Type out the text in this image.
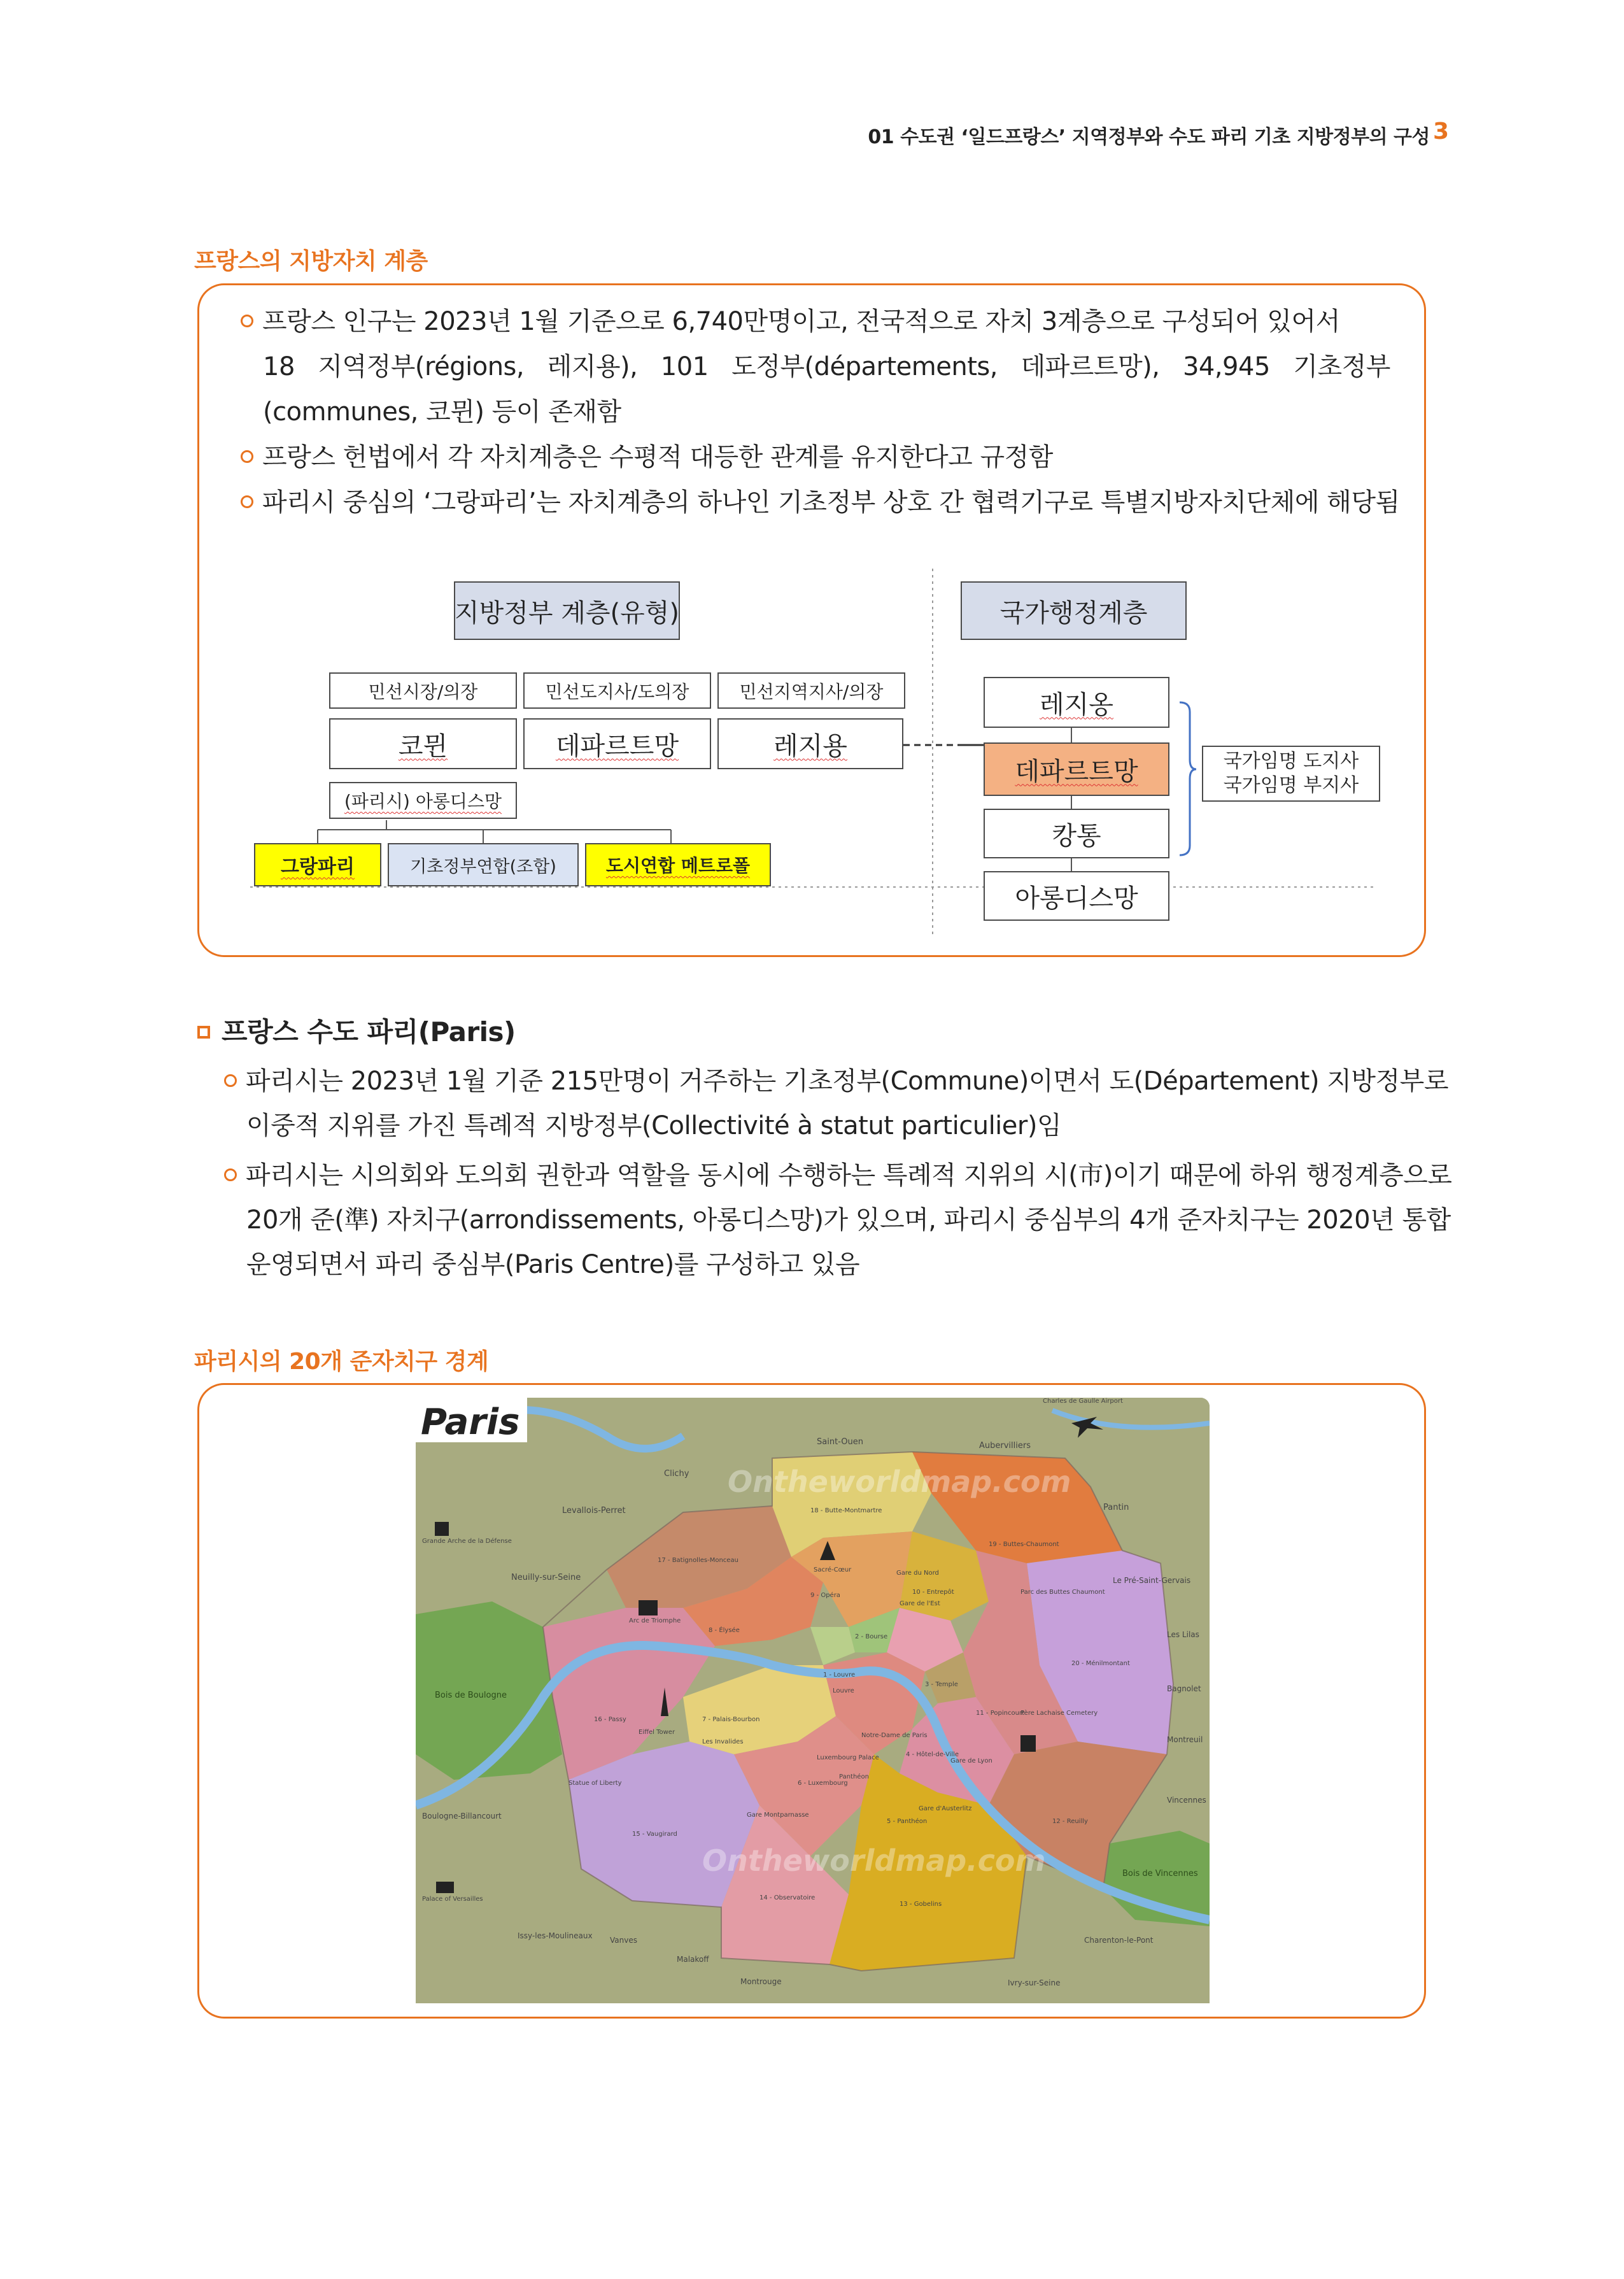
01 수도권 ‘일드프랑스’ 지역정부와 수도 파리 기초 지방정부의 구성 3
프랑스의 지방자치 계층
프랑스 인구는 2023년 1월 기준으로 6,740만명이고, 전국적으로 자치 3계층으로 구성되어 있어서
18 지역정부(régions, 레지용), 101 도정부(départements, 데파르트망), 34,945 기초정부
(communes, 코뮌) 등이 존재함
프랑스 헌법에서 각 자치계층은 수평적 대등한 관계를 유지한다고 규정함
파리시 중심의 ‘그랑파리’는 자치계층의 하나인 기초정부 상호 간 협력기구로 특별지방자치단체에 해당됨
지방정부 계층(유형)	국가행정계층
민선시장/의장	민선도지사/도의장	민선지역지사/의장
코뮌	데파르트망	레지용
(파리시) 아롱디스망
그랑파리	기초정부연합(조합)	도시연합 메트로폴
레지옹
데파르트망
캉통
아롱디스망
국가임명 도지사
국가임명 부지사
프랑스 수도 파리(Paris)
파리시는 2023년 1월 기준 215만명이 거주하는 기초정부(Commune)이면서 도(Département) 지방정부로
이중적 지위를 가진 특례적 지방정부(Collectivité à statut particulier)임
파리시는 시의회와 도의회 권한과 역할을 동시에 수행하는 특례적 지위의 시(市)이기 때문에 하위 행정계층으로
20개 준(準) 자치구(arrondissements, 아롱디스망)가 있으며, 파리시 중심부의 4개 준자치구는 2020년 통합
운영되면서 파리 중심부(Paris Centre)를 구성하고 있음
파리시의 20개 준자치구 경계
Paris
Ontheworldmap.com
Ontheworldmap.com
Saint-Ouen	Aubervilliers
Clichy
Levallois-Perret	Pantin
Neuilly-sur-Seine	Le Pré-Saint-Gervais
Les Lilas
Bagnolet
Montreuil
Vincennes
Bois de Boulogne
Bois de Vincennes
Boulogne-Billancourt
Issy-les-Moulineaux Vanves
Malakoff
Montrouge
Charenton-le-Pont
Ivry-sur-Seine
18 - Butte-Montmartre
17 - Batignolles-Monceau
19 - Buttes-Chaumont
20 - Ménilmontant
16 - Passy
15 - Vaugirard
14 - Observatoire
13 - Gobelins
12 - Reuilly
11 - Popincourt
10 - Entrepôt
9 - Opéra
8 - Élysée
7 - Palais-Bourbon
6 - Luxembourg
5 - Panthéon
4 - Hôtel-de-Ville
3 - Temple
2 - Bourse
1 - Louvre
Grande Arche de la Défense
Palace of Versailles
Charles de Gaulle Airport
Statue of Liberty
Eiffel Tower
Arc de Triomphe
Sacré-Cœur
Louvre
Notre-Dame de Paris
Panthéon
Gare du Nord
Gare de l'Est
Gare de Lyon
Gare d'Austerlitz
Gare Montparnasse
Père Lachaise Cemetery
Parc des Buttes Chaumont
Luxembourg Palace
Les Invalides
